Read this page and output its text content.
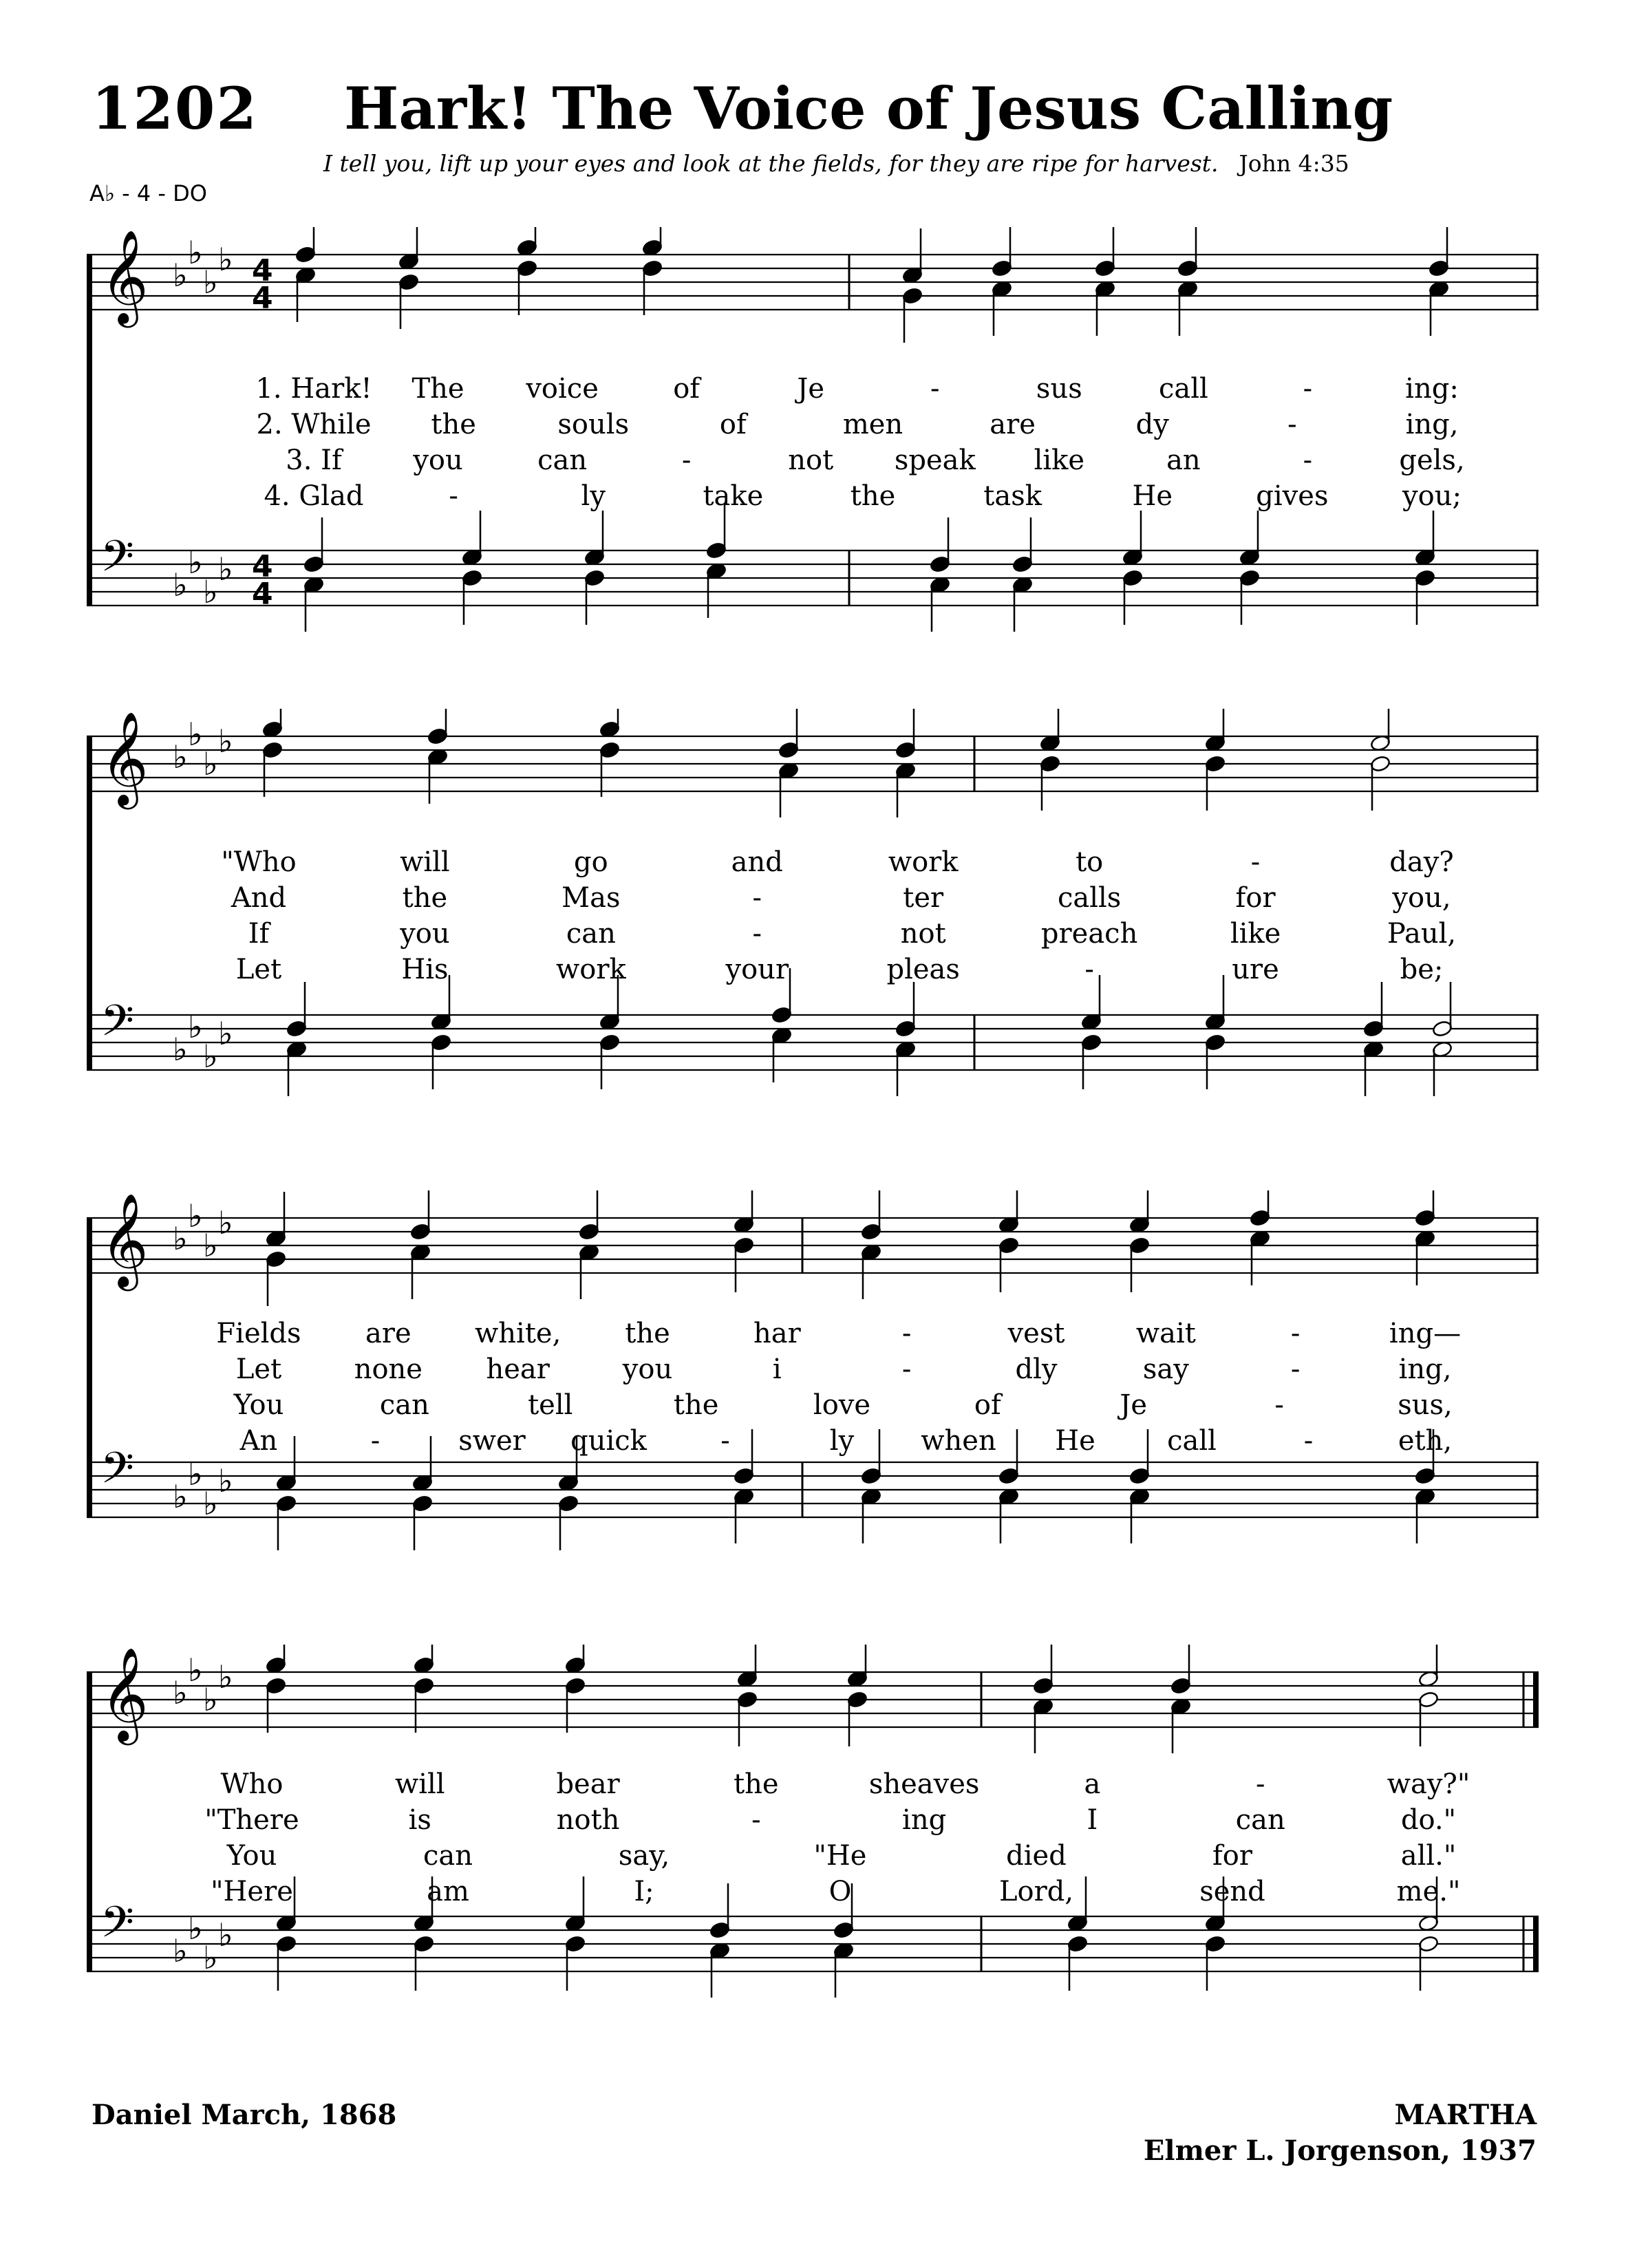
1202 Hark! The Voice of Jesus Calling
I tell you, lift up your eyes and look at the fields, for they are ripe for harvest. John 4:35
A♭ - 4 - DO
𝄞 ♭
♭
♭
♭ 4
4
𝄢 ♭
♭
♭
♭ 4
4
1. Hark! The voice	of	Je	-	sus	call	-	ing:
2. While the	souls	of	men	are	dy	-	ing,
3. If	you	can	-	not speak like	an	-	gels,
4. Glad	-	ly	take	the	task	He	gives	you;
𝄞 ♭
♭
♭
♭
𝄢 ♭
♭
♭
♭
"Who	will	go	and	work	to	-	day?
And	the	Mas	-	ter	calls	for	you,
If	you	can	-	not	preach	like	Paul,
Let	His	work	your	pleas	-	ure	be;
𝄞 ♭
♭
♭
♭
𝄢 ♭
♭
♭
♭
Fields are white, the	har	-	vest	wait	-	ing—
Let	none hear	you	i	-	dly	say	-	ing,
You	can	tell	the	love	of	Je	-	sus,
An	-	swer quick	-	ly when He	call	-	eth,
𝄞 ♭
♭
♭
♭
𝄢 ♭
♭
♭
♭
Who	will	bear	the	sheaves	a	-	way?"
"There	is	noth	-	ing	I	can	do."
You	can	say,	"He	died	for	all."
"Here	am	I;	O	Lord,	send	me."
Daniel March, 1868	MARTHA
Elmer L. Jorgenson, 1937
